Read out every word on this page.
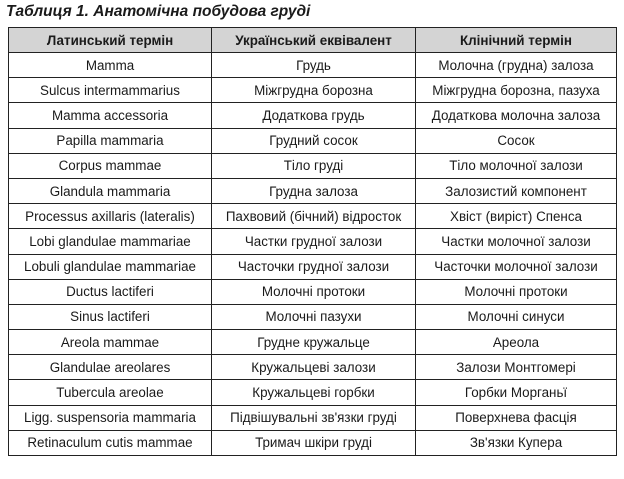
Таблиця 1. Анатомічна побудова груді
Латинський термін	Український еквівалент	Клінічний термін
Mamma	Грудь	Молочна (грудна) залоза
Sulcus intermammarius	Міжгрудна борозна	Міжгрудна борозна, пазуха
Mamma accessoria	Додаткова грудь	Додаткова молочна залоза
Papilla mammaria	Грудний сосок	Сосок
Corpus mammae	Тіло груді	Тіло молочної залози
Glandula mammaria	Грудна залоза	Залозистий компонент
Processus axillaris (lateralis)	Пахвовий (бічний) відросток	Хвіст (виріст) Спенса
Lobi glandulae mammariae	Частки грудної залози	Частки молочної залози
Lobuli glandulae mammariae	Часточки грудної залози	Часточки молочної залози
Ductus lactiferi	Молочні протоки	Молочні протоки
Sinus lactiferi	Молочні пазухи	Молочні синуси
Areola mammae	Грудне кружальце	Ареола
Glandulae areolares	Кружальцеві залози	Залози Монтгомері
Tubercula areolae	Кружальцеві горбки	Горбки Морганьї
Ligg. suspensoria mammaria	Підвішувальні зв'язки груді	Поверхнева фасція
Retinaculum cutis mammae	Тримач шкіри груді	Зв'язки Купера
